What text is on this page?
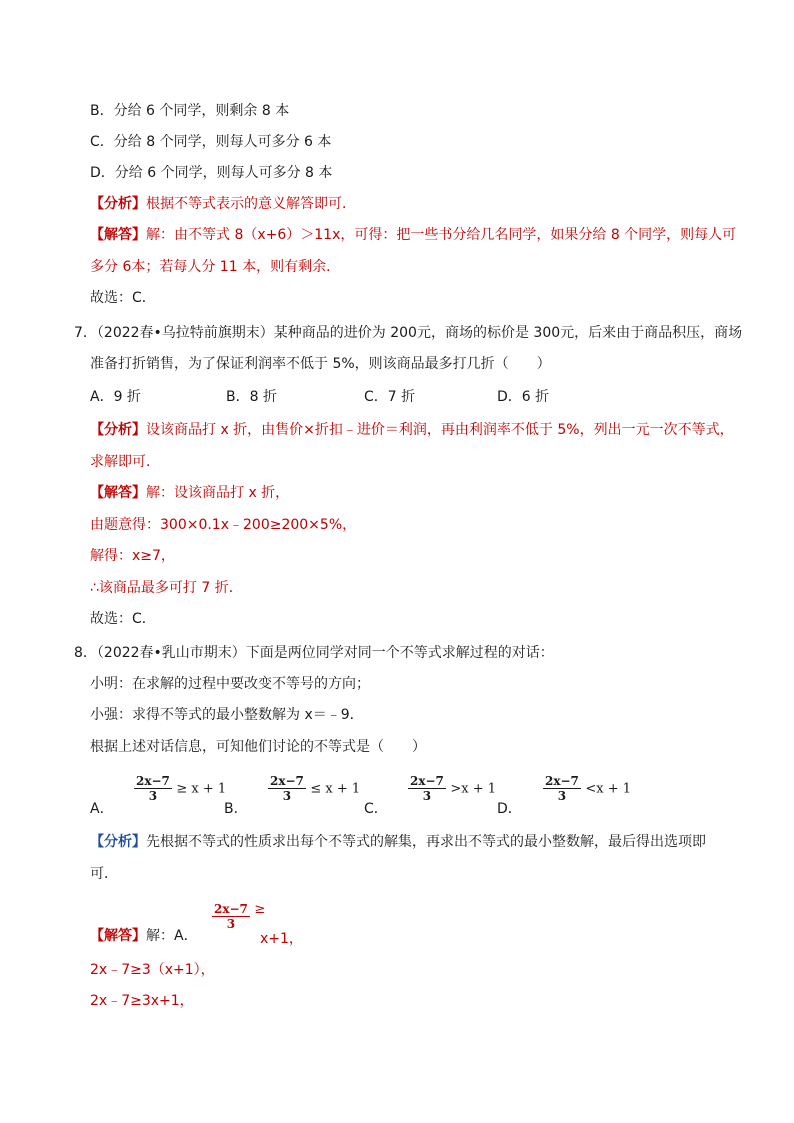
B．分给 6 个同学，则剩余 8 本
C．分给 8 个同学，则每人可多分 6 本
D．分给 6 个同学，则每人可多分 8 本
【分析】根据不等式表示的意义解答即可．
【解答】解：由不等式 8（x+6）＞11x，可得：把一些书分给几名同学，如果分给 8 个同学，则每人可
多分 6本；若每人分 11 本，则有剩余．
故选：C．
7．（2022春•乌拉特前旗期末）某种商品的进价为 200元，商场的标价是 300元，后来由于商品积压，商场
准备打折销售，为了保证利润率不低于 5%，则该商品最多打几折（　　）
A．9 折	B．8 折	C．7 折	D．6 折
【分析】设该商品打 x 折，由售价×折扣﹣进价＝利润，再由利润率不低于 5%，列出一元一次不等式，
求解即可．
【解答】解：设该商品打 x 折，
由题意得：300×0.1x﹣200≥200×5%，
解得：x≥7，
∴该商品最多可打 7 折．
故选：C．
8．（2022春•乳山市期末）下面是两位同学对同一个不等式求解过程的对话：
小明：在求解的过程中要改变不等号的方向；
小强：求得不等式的最小整数解为 x＝﹣9．
根据上述对话信息，可知他们讨论的不等式是（　　）
A．
$\frac{2x-7}{3} \ge x + 1$
B．
$\frac{2x-7}{3} \le x + 1$
C．
$\frac{2x-7}{3} >x + 1$
D．
$\frac{2x-7}{3} <x + 1$
【分析】先根据不等式的性质求出每个不等式的解集，再求出不等式的最小整数解，最后得出选项即
可．
【解答】解：A．
$\frac{2x-7}{3}$ ≥
x+1，
2x﹣7≥3（x+1），
2x﹣7≥3x+1，
